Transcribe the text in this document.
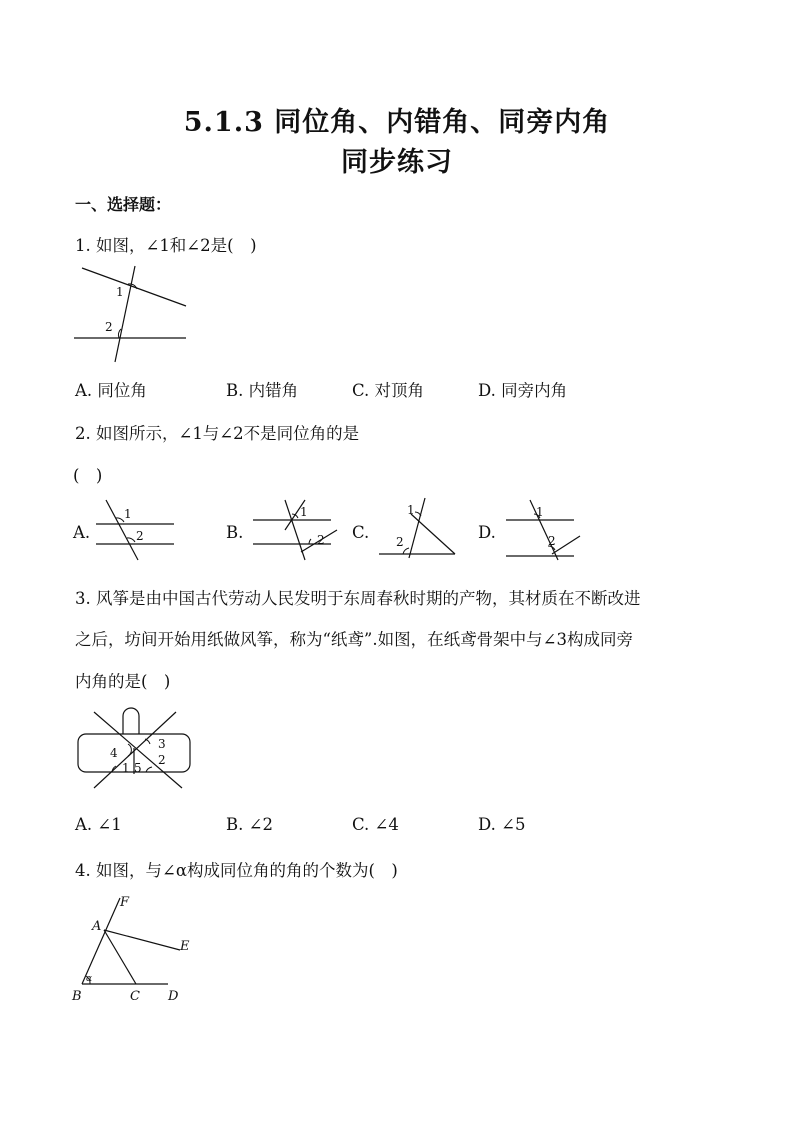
5.1.3 同位角、内错角、同旁内角
同步练习
一、选择题：
1. 如图，∠1和∠2是(　)
1
2
A. 同位角	B. 内错角	C. 对顶角	D. 同旁内角
2. 如图所示，∠1与∠2不是同位角的是
(　)
A.
1
2	B.
1
2 C.
1
2	D.
1
2
3. 风筝是由中国古代劳动人民发明于东周春秋时期的产物，其材质在不断改进
之后，坊间开始用纸做风筝，称为“纸鸢”.如图，在纸鸢骨架中与∠3构成同旁
内角的是(　)
3
4	2
1 5
A. ∠1	B. ∠2	C. ∠4	D. ∠5
4. 如图，与∠α构成同位角的角的个数为(　)
F
A
E
B	C D
α
